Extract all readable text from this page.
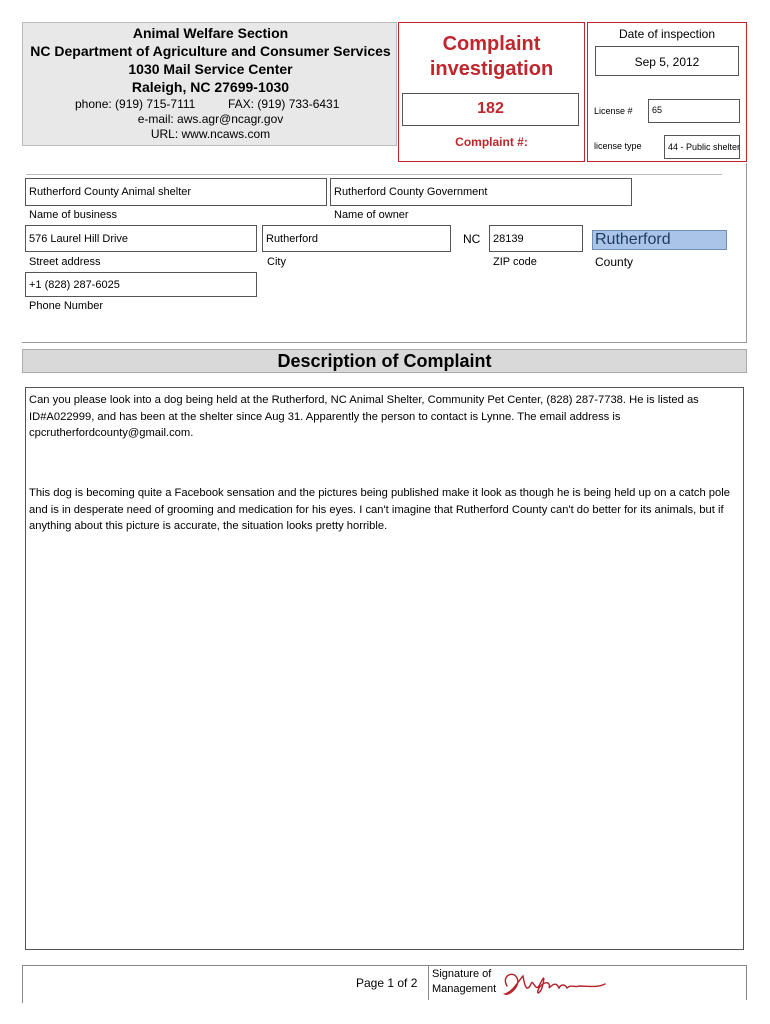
Animal Welfare Section
NC Department of Agriculture and Consumer Services
1030 Mail Service Center
Raleigh, NC 27699-1030
phone: (919) 715-7111	FAX: (919) 733-6431
e-mail: aws.agr@ncagr.gov
URL: www.ncaws.com
Complaint
investigation
182
Complaint #:
Date of inspection
Sep 5, 2012
License # 65
license type	44 - Public shelter
Rutherford County Animal shelter
Name of business
Rutherford County Government
Name of owner
576 Laurel Hill Drive
Street address
Rutherford
City
NC 28139
ZIP code
Rutherford
County
+1 (828) 287-6025
Phone Number
Description of Complaint
Can you please look into a dog being held at the Rutherford, NC Animal Shelter, Community Pet Center, (828) 287-7738. He is listed as ID#A022999, and has been at the shelter since Aug 31. Apparently the person to contact is Lynne. The email address is cpcrutherfordcounty@gmail.com.
This dog is becoming quite a Facebook sensation and the pictures being published make it look as though he is being held up on a catch pole and is in desperate need of grooming and medication for his eyes. I can't imagine that Rutherford County can't do better for its animals, but if anything about this picture is accurate, the situation looks pretty horrible.
Page 1 of 2
Signature of
Management
